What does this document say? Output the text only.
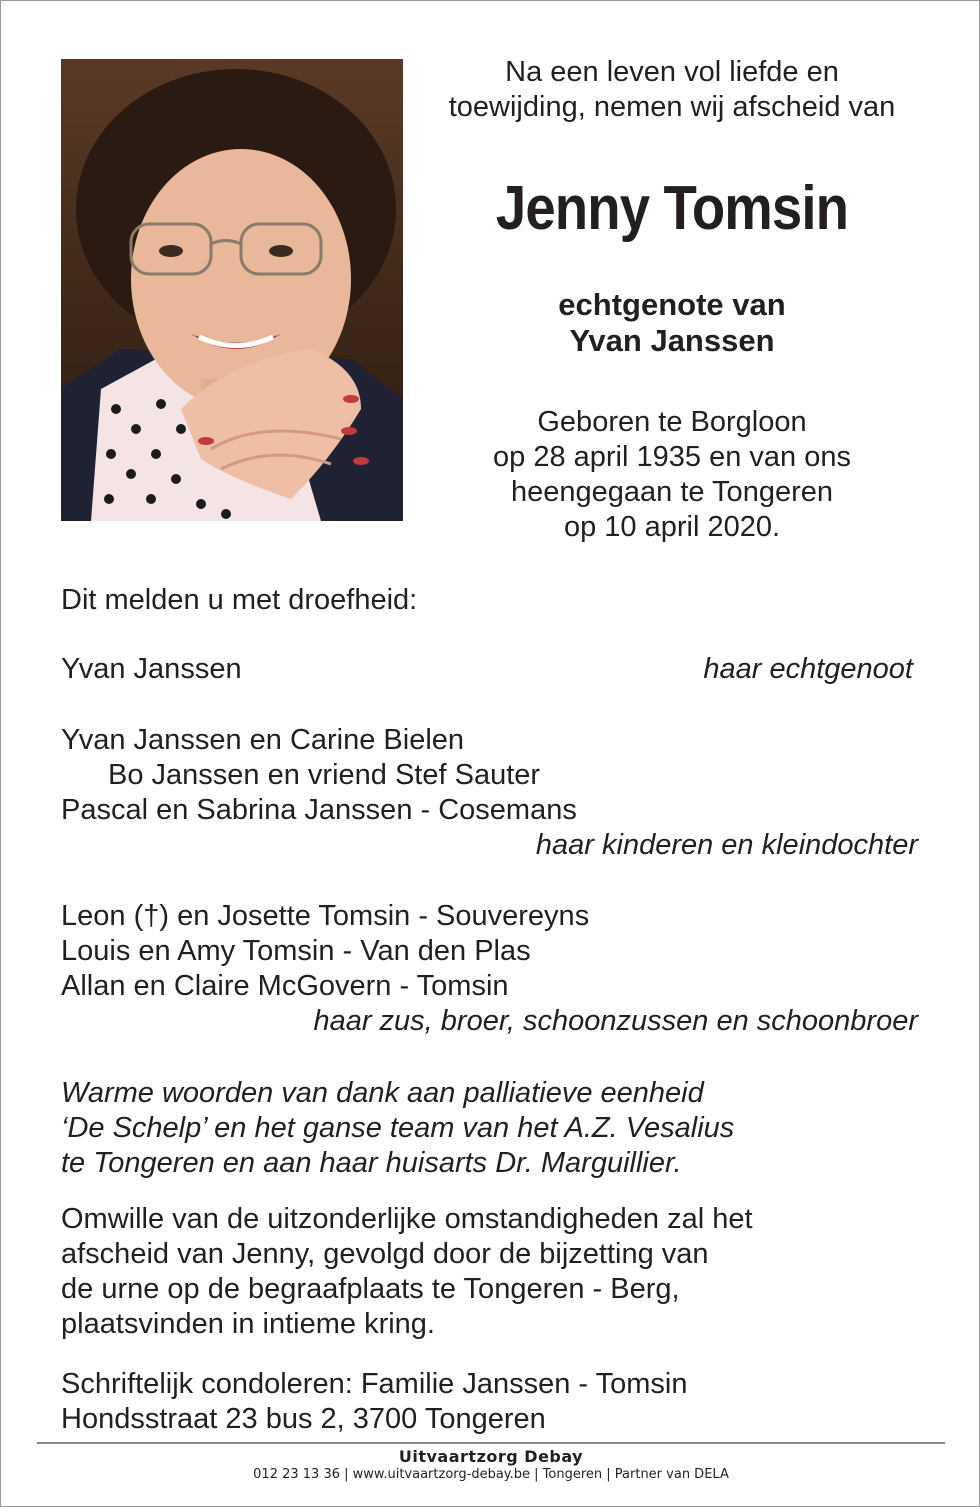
Na een leven vol liefde en
toewijding, nemen wij afscheid van
Jenny Tomsin
echtgenote van
Yvan Janssen
Geboren te Borgloon
op 28 april 1935 en van ons
heengegaan te Tongeren
op 10 april 2020.
Dit melden u met droefheid:
Yvan Janssen	haar echtgenoot
Yvan Janssen en Carine Bielen
Bo Janssen en vriend Stef Sauter
Pascal en Sabrina Janssen - Cosemans
haar kinderen en kleindochter
Leon (†) en Josette Tomsin - Souvereyns
Louis en Amy Tomsin - Van den Plas
Allan en Claire McGovern - Tomsin
haar zus, broer, schoonzussen en schoonbroer
Warme woorden van dank aan palliatieve eenheid
‘De Schelp’ en het ganse team van het A.Z. Vesalius
te Tongeren en aan haar huisarts Dr. Marguillier.
Omwille van de uitzonderlijke omstandigheden zal het
afscheid van Jenny, gevolgd door de bijzetting van
de urne op de begraafplaats te Tongeren - Berg,
plaatsvinden in intieme kring.
Schriftelijk condoleren: Familie Janssen - Tomsin
Hondsstraat 23 bus 2, 3700 Tongeren
Uitvaartzorg Debay
012 23 13 36 | www.uitvaartzorg-debay.be | Tongeren | Partner van DELA
